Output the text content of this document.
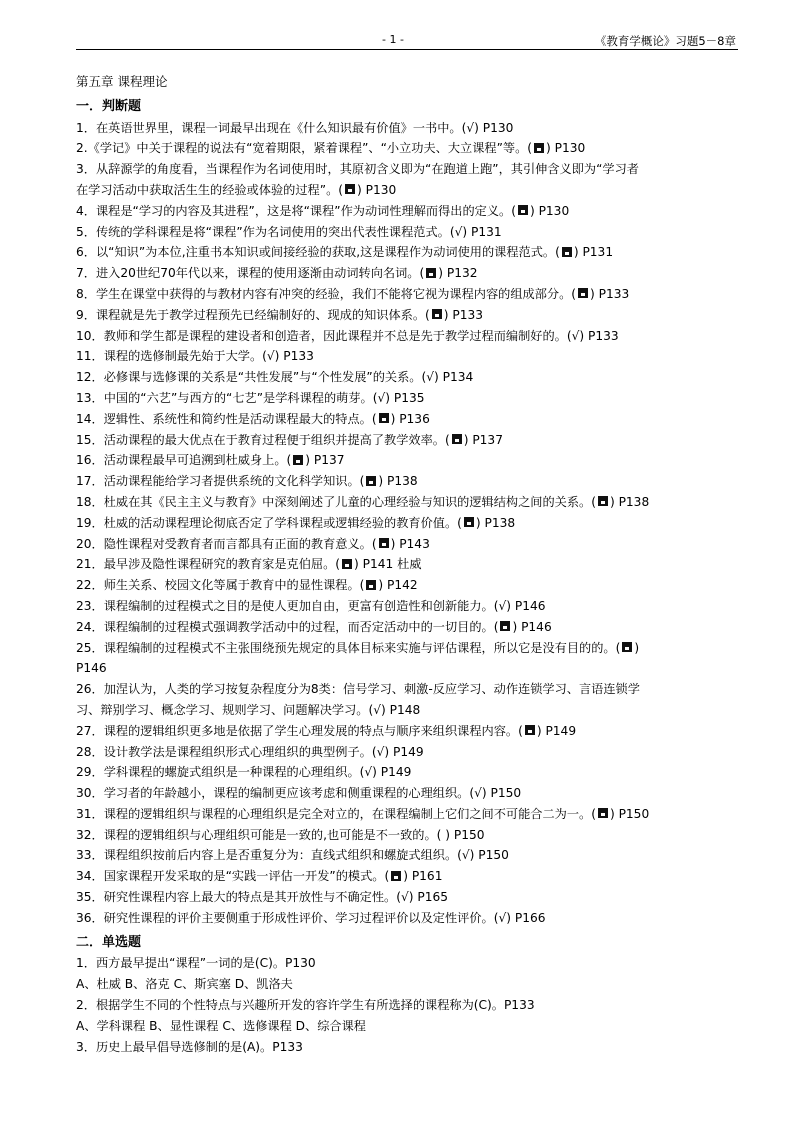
- 1 -	《教育学概论》习题5－8章
第五章 课程理论
一．判断题
1．在英语世界里，课程一词最早出现在《什么知识最有价值》一书中。(√) P130
2.《学记》中关于课程的说法有“宽着期限，紧着课程”、“小立功夫、大立课程”等。( ) P130
3．从辞源学的角度看，当课程作为名词使用时，其原初含义即为“在跑道上跑”，其引伸含义即为“学习者
在学习活动中获取活生生的经验或体验的过程”。( ) P130
4．课程是“学习的内容及其进程”，这是将“课程”作为动词性理解而得出的定义。( ) P130
5．传统的学科课程是将“课程”作为名词使用的突出代表性课程范式。(√) P131
6．以“知识”为本位,注重书本知识或间接经验的获取,这是课程作为动词使用的课程范式。( ) P131
7．进入20世纪70年代以来，课程的使用逐渐由动词转向名词。( ) P132
8．学生在课堂中获得的与教材内容有冲突的经验，我们不能将它视为课程内容的组成部分。( ) P133
9．课程就是先于教学过程预先已经编制好的、现成的知识体系。( ) P133
10．教师和学生都是课程的建设者和创造者，因此课程并不总是先于教学过程而编制好的。(√) P133
11．课程的选修制最先始于大学。(√) P133
12．必修课与选修课的关系是“共性发展”与“个性发展”的关系。(√) P134
13．中国的“六艺”与西方的“七艺”是学科课程的萌芽。(√) P135
14．逻辑性、系统性和简约性是活动课程最大的特点。( ) P136
15．活动课程的最大优点在于教育过程便于组织并提高了教学效率。( ) P137
16．活动课程最早可追溯到杜威身上。( ) P137
17．活动课程能给学习者提供系统的文化科学知识。( ) P138
18．杜威在其《民主主义与教育》中深刻阐述了儿童的心理经验与知识的逻辑结构之间的关系。( ) P138
19．杜威的活动课程理论彻底否定了学科课程或逻辑经验的教育价值。( ) P138
20．隐性课程对受教育者而言都具有正面的教育意义。( ) P143
21．最早涉及隐性课程研究的教育家是克伯屈。( ) P141 杜威
22．师生关系、校园文化等属于教育中的显性课程。( ) P142
23．课程编制的过程模式之目的是使人更加自由，更富有创造性和创新能力。(√) P146
24．课程编制的过程模式强调教学活动中的过程，而否定活动中的一切目的。( ) P146
25．课程编制的过程模式不主张围绕预先规定的具体目标来实施与评估课程，所以它是没有目的的。( )
P146
26．加涅认为，人类的学习按复杂程度分为8类：信号学习、刺激-反应学习、动作连锁学习、言语连锁学
习、辩别学习、概念学习、规则学习、问题解决学习。(√) P148
27．课程的逻辑组织更多地是依据了学生心理发展的特点与顺序来组织课程内容。( ) P149
28．设计教学法是课程组织形式心理组织的典型例子。(√) P149
29．学科课程的螺旋式组织是一种课程的心理组织。(√) P149
30．学习者的年龄越小，课程的编制更应该考虑和侧重课程的心理组织。(√) P150
31．课程的逻辑组织与课程的心理组织是完全对立的，在课程编制上它们之间不可能合二为一。( ) P150
32．课程的逻辑组织与心理组织可能是一致的,也可能是不一致的。( ) P150
33．课程组织按前后内容上是否重复分为：直线式组织和螺旋式组织。(√) P150
34．国家课程开发采取的是“实践一评估一开发”的模式。( ) P161
35．研究性课程内容上最大的特点是其开放性与不确定性。(√) P165
36．研究性课程的评价主要侧重于形成性评价、学习过程评价以及定性评价。(√) P166
二．单选题
1．西方最早提出“课程”一词的是(C)。P130
A、杜威 B、洛克 C、斯宾塞 D、凯洛夫
2．根据学生不同的个性特点与兴趣所开发的容许学生有所选择的课程称为(C)。P133
A、学科课程 B、显性课程 C、选修课程 D、综合课程
3．历史上最早倡导选修制的是(A)。P133
